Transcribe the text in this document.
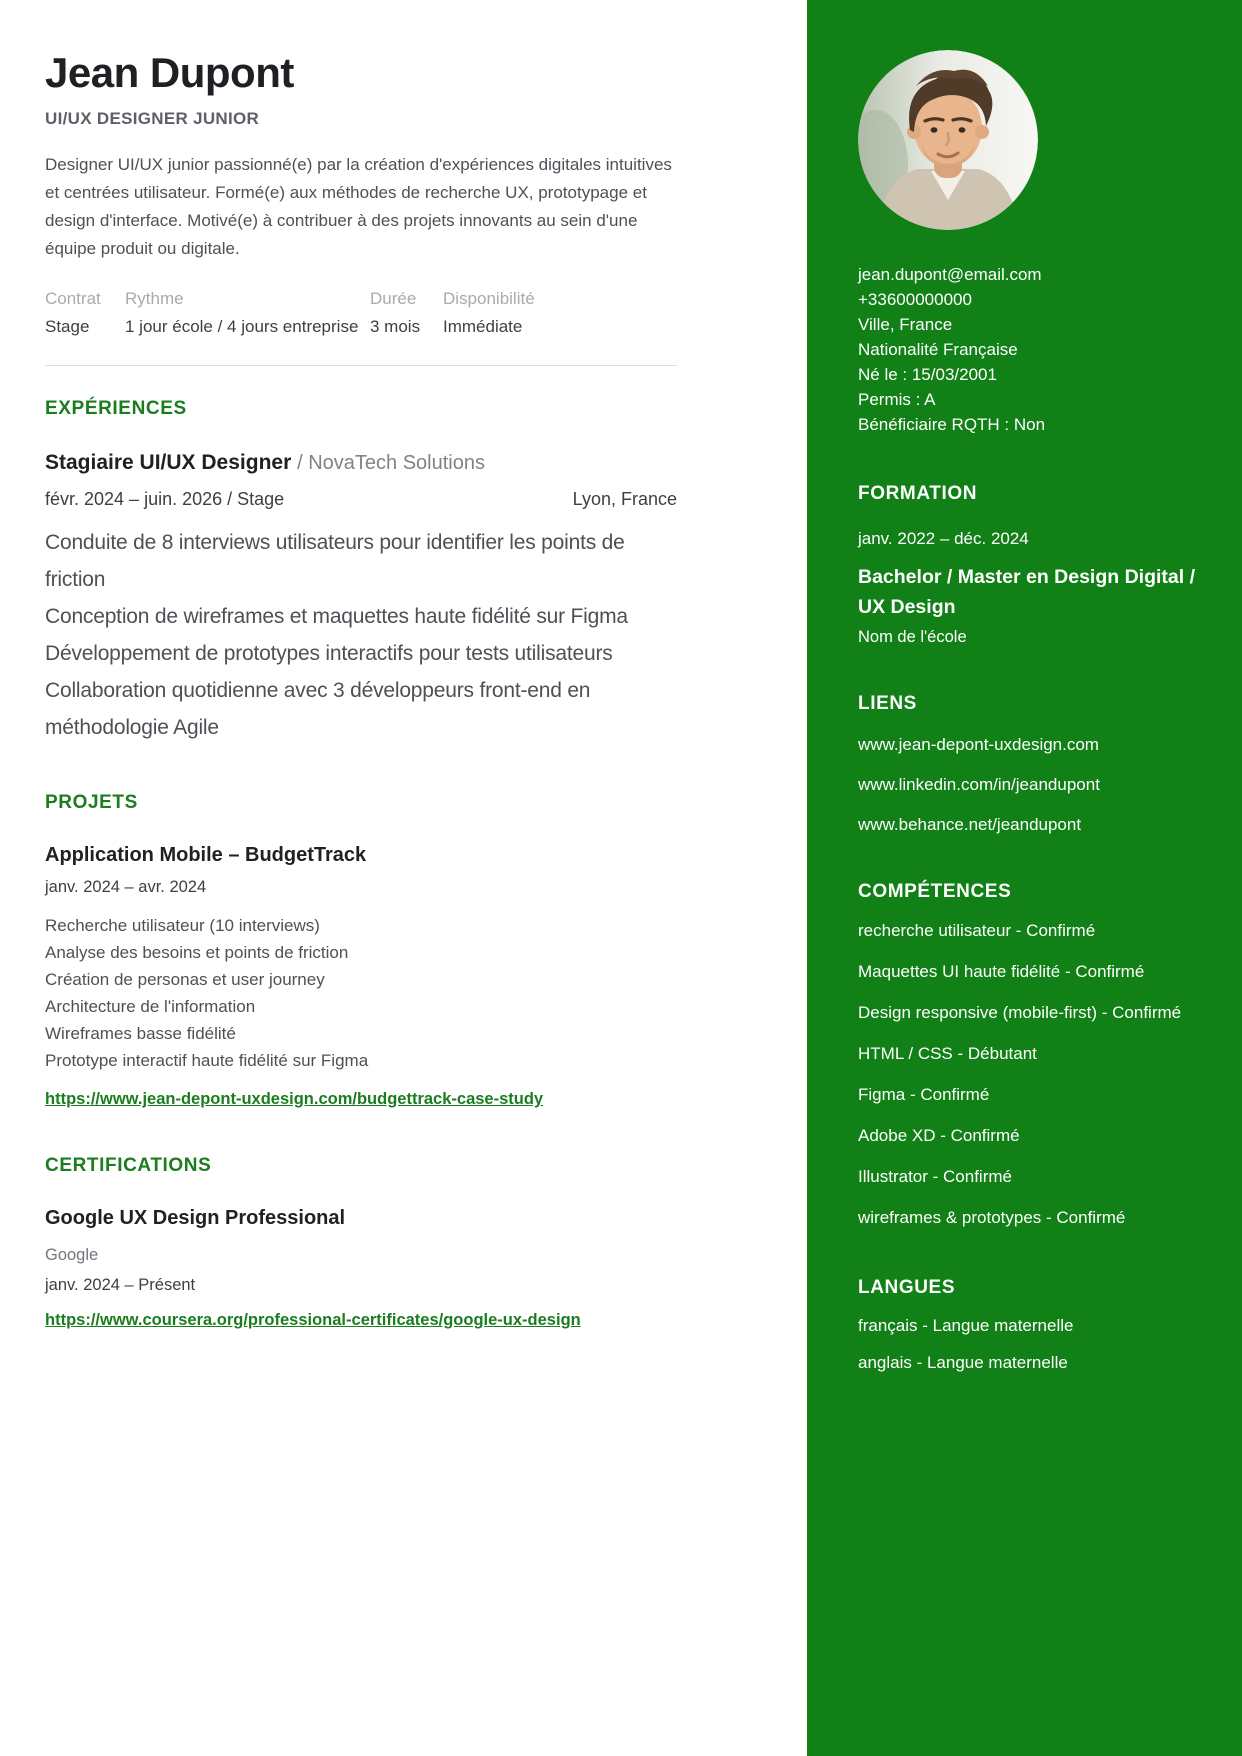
Jean Dupont
UI/UX DESIGNER JUNIOR
Designer UI/UX junior passionné(e) par la création d'expériences digitales intuitives et centrées utilisateur. Formé(e) aux méthodes de recherche UX, prototypage et design d'interface. Motivé(e) à contribuer à des projets innovants au sein d'une équipe produit ou digitale.
Contrat
Stage
Rythme
1 jour école / 4 jours entreprise
Durée
3 mois
Disponibilité
Immédiate
EXPÉRIENCES
Stagiaire UI/UX Designer / NovaTech Solutions
févr. 2024 – juin. 2026 / Stage	Lyon, France
Conduite de 8 interviews utilisateurs pour identifier les points de friction
Conception de wireframes et maquettes haute fidélité sur Figma
Développement de prototypes interactifs pour tests utilisateurs
Collaboration quotidienne avec 3 développeurs front-end en méthodologie Agile
PROJETS
Application Mobile – BudgetTrack
janv. 2024 – avr. 2024
Recherche utilisateur (10 interviews)
Analyse des besoins et points de friction
Création de personas et user journey
Architecture de l'information
Wireframes basse fidélité
Prototype interactif haute fidélité sur Figma
https://www.jean-depont-uxdesign.com/budgettrack-case-study
CERTIFICATIONS
Google UX Design Professional
Google
janv. 2024 – Présent
https://www.coursera.org/professional-certificates/google-ux-design
jean.dupont@email.com
+33600000000
Ville, France
Nationalité Française
Né le : 15/03/2001
Permis : A
Bénéficiaire RQTH : Non
FORMATION
janv. 2022 – déc. 2024
Bachelor / Master en Design Digital / UX Design
Nom de l'école
LIENS
www.jean-depont-uxdesign.com
www.linkedin.com/in/jeandupont
www.behance.net/jeandupont
COMPÉTENCES
recherche utilisateur - Confirmé
Maquettes UI haute fidélité - Confirmé
Design responsive (mobile-first) - Confirmé
HTML / CSS - Débutant
Figma - Confirmé
Adobe XD - Confirmé
Illustrator - Confirmé
wireframes & prototypes - Confirmé
LANGUES
français - Langue maternelle
anglais - Langue maternelle
